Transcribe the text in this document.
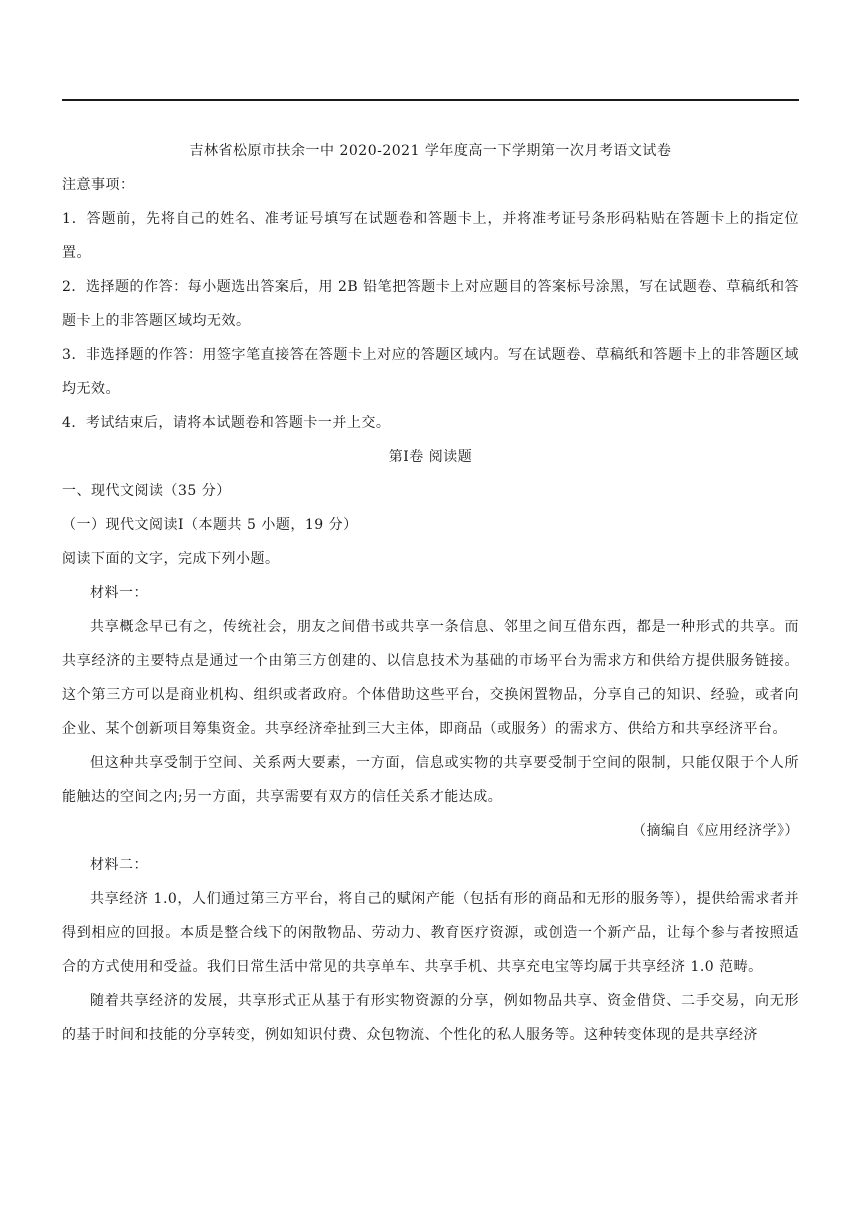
吉林省松原市扶余一中 2020-2021 学年度高一下学期第一次月考语文试卷

注意事项：

1．答题前，先将自己的姓名、准考证号填写在试题卷和答题卡上，并将准考证号条形码粘贴在答题卡上的指定位置。

2．选择题的作答：每小题选出答案后，用 2B 铅笔把答题卡上对应题目的答案标号涂黑，写在试题卷、草稿纸和答题卡上的非答题区域均无效。

3．非选择题的作答：用签字笔直接答在答题卡上对应的答题区域内。写在试题卷、草稿纸和答题卡上的非答题区域均无效。

4．考试结束后，请将本试题卷和答题卡一并上交。

第Ⅰ卷 阅读题

一、现代文阅读（35 分）

（一）现代文阅读Ⅰ（本题共 5 小题，19 分）

阅读下面的文字，完成下列小题。

材料一：

共享概念早已有之，传统社会，朋友之间借书或共享一条信息、邻里之间互借东西，都是一种形式的共享。而共享经济的主要特点是通过一个由第三方创建的、以信息技术为基础的市场平台为需求方和供给方提供服务链接。这个第三方可以是商业机构、组织或者政府。个体借助这些平台，交换闲置物品，分享自己的知识、经验，或者向企业、某个创新项目筹集资金。共享经济牵扯到三大主体，即商品（或服务）的需求方、供给方和共享经济平台。

但这种共享受制于空间、关系两大要素，一方面，信息或实物的共享要受制于空间的限制，只能仅限于个人所能触达的空间之内;另一方面，共享需要有双方的信任关系才能达成。

（摘编自《应用经济学》）

材料二：

共享经济 1.0，人们通过第三方平台，将自己的赋闲产能（包括有形的商品和无形的服务等），提供给需求者并得到相应的回报。本质是整合线下的闲散物品、劳动力、教育医疗资源，或创造一个新产品，让每个参与者按照适合的方式使用和受益。我们日常生活中常见的共享单车、共享手机、共享充电宝等均属于共享经济 1.0 范畴。

随着共享经济的发展，共享形式正从基于有形实物资源的分享，例如物品共享、资金借贷、二手交易，向无形的基于时间和技能的分享转变，例如知识付费、众包物流、个性化的私人服务等。这种转变体现的是共享经济
